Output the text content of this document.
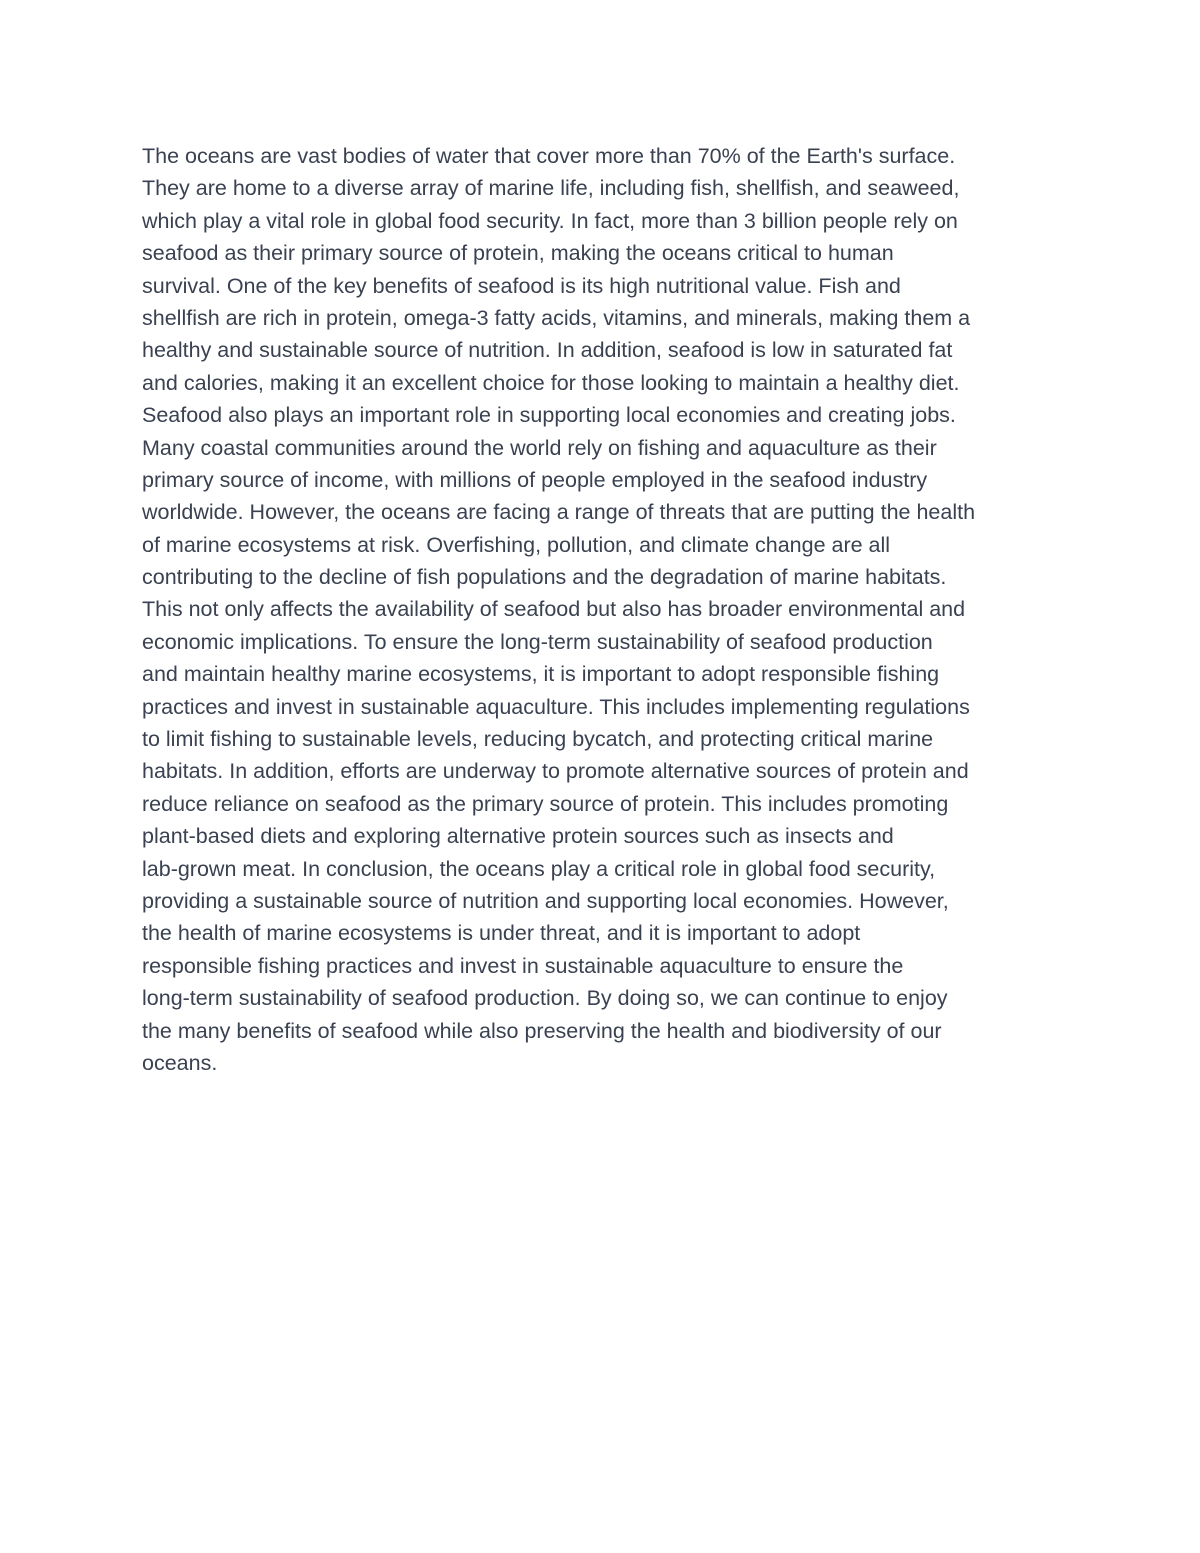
The oceans are vast bodies of water that cover more than 70% of the Earth's surface.
They are home to a diverse array of marine life, including fish, shellfish, and seaweed,
which play a vital role in global food security. In fact, more than 3 billion people rely on
seafood as their primary source of protein, making the oceans critical to human
survival. One of the key benefits of seafood is its high nutritional value. Fish and
shellfish are rich in protein, omega-3 fatty acids, vitamins, and minerals, making them a
healthy and sustainable source of nutrition. In addition, seafood is low in saturated fat
and calories, making it an excellent choice for those looking to maintain a healthy diet.
Seafood also plays an important role in supporting local economies and creating jobs.
Many coastal communities around the world rely on fishing and aquaculture as their
primary source of income, with millions of people employed in the seafood industry
worldwide. However, the oceans are facing a range of threats that are putting the health
of marine ecosystems at risk. Overfishing, pollution, and climate change are all
contributing to the decline of fish populations and the degradation of marine habitats.
This not only affects the availability of seafood but also has broader environmental and
economic implications. To ensure the long-term sustainability of seafood production
and maintain healthy marine ecosystems, it is important to adopt responsible fishing
practices and invest in sustainable aquaculture. This includes implementing regulations
to limit fishing to sustainable levels, reducing bycatch, and protecting critical marine
habitats. In addition, efforts are underway to promote alternative sources of protein and
reduce reliance on seafood as the primary source of protein. This includes promoting
plant-based diets and exploring alternative protein sources such as insects and
lab-grown meat. In conclusion, the oceans play a critical role in global food security,
providing a sustainable source of nutrition and supporting local economies. However,
the health of marine ecosystems is under threat, and it is important to adopt
responsible fishing practices and invest in sustainable aquaculture to ensure the
long-term sustainability of seafood production. By doing so, we can continue to enjoy
the many benefits of seafood while also preserving the health and biodiversity of our
oceans.
